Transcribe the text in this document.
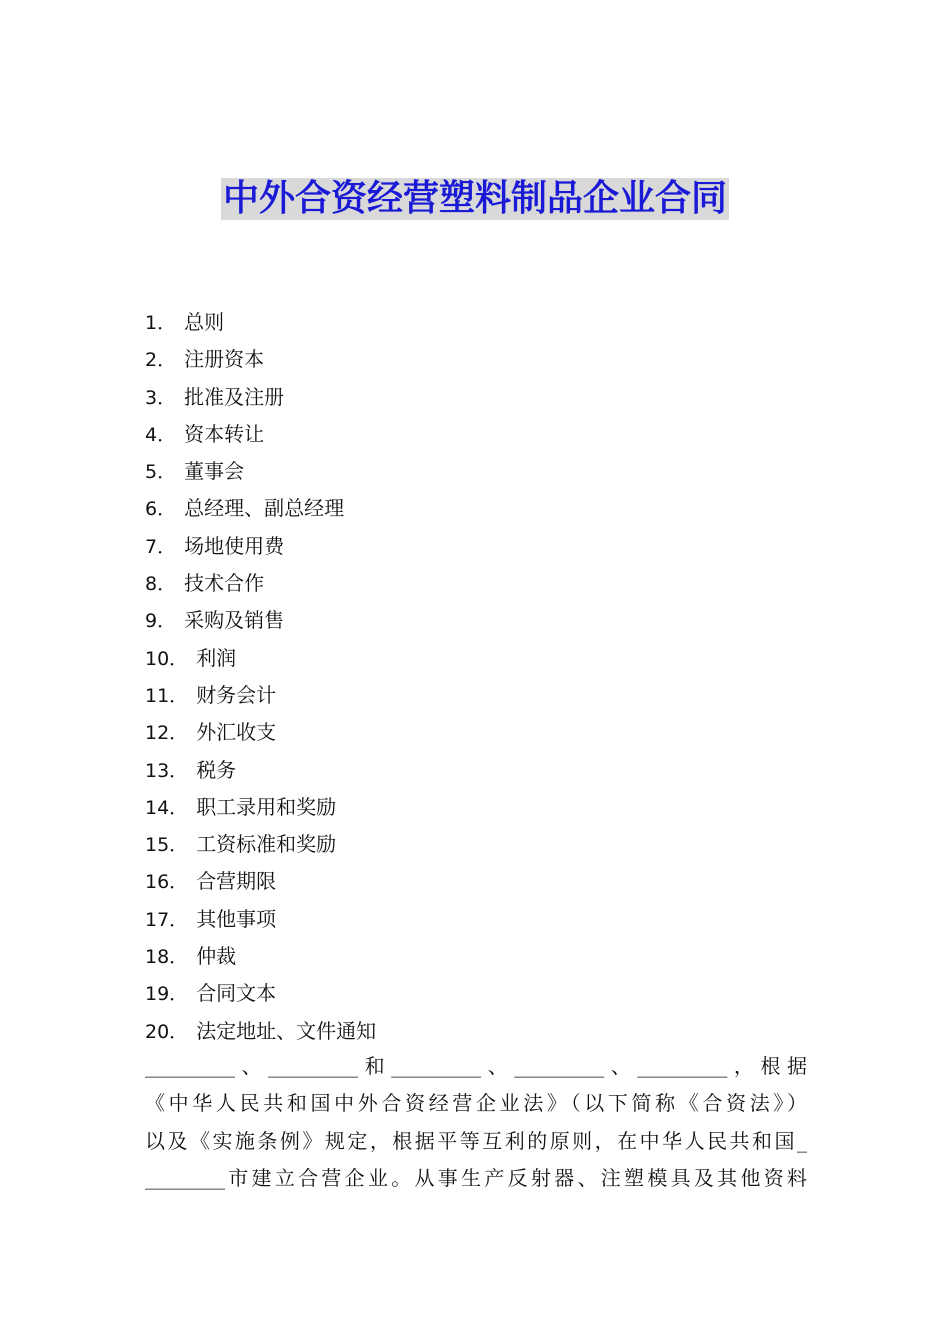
中外合资经营塑料制品企业合同
1． 总则
2． 注册资本
3． 批准及注册
4． 资本转让
5． 董事会
6． 总经理、副总经理
7． 场地使用费
8． 技术合作
9． 采购及销售
10． 利润
11． 财务会计
12． 外汇收支
13． 税务
14． 职工录用和奖励
15． 工资标准和奖励
16． 合营期限
17． 其他事项
18． 仲裁
19． 合同文本
20． 法定地址、文件通知

_________、_________和_________、_________、_________，根据
《中华人民共和国中外合资经营企业法》（以下简称《合资法》）
以及《实施条例》规定，根据平等互利的原则，在中华人民共和国_
________市建立合营企业。从事生产反射器、注塑模具及其他资料
